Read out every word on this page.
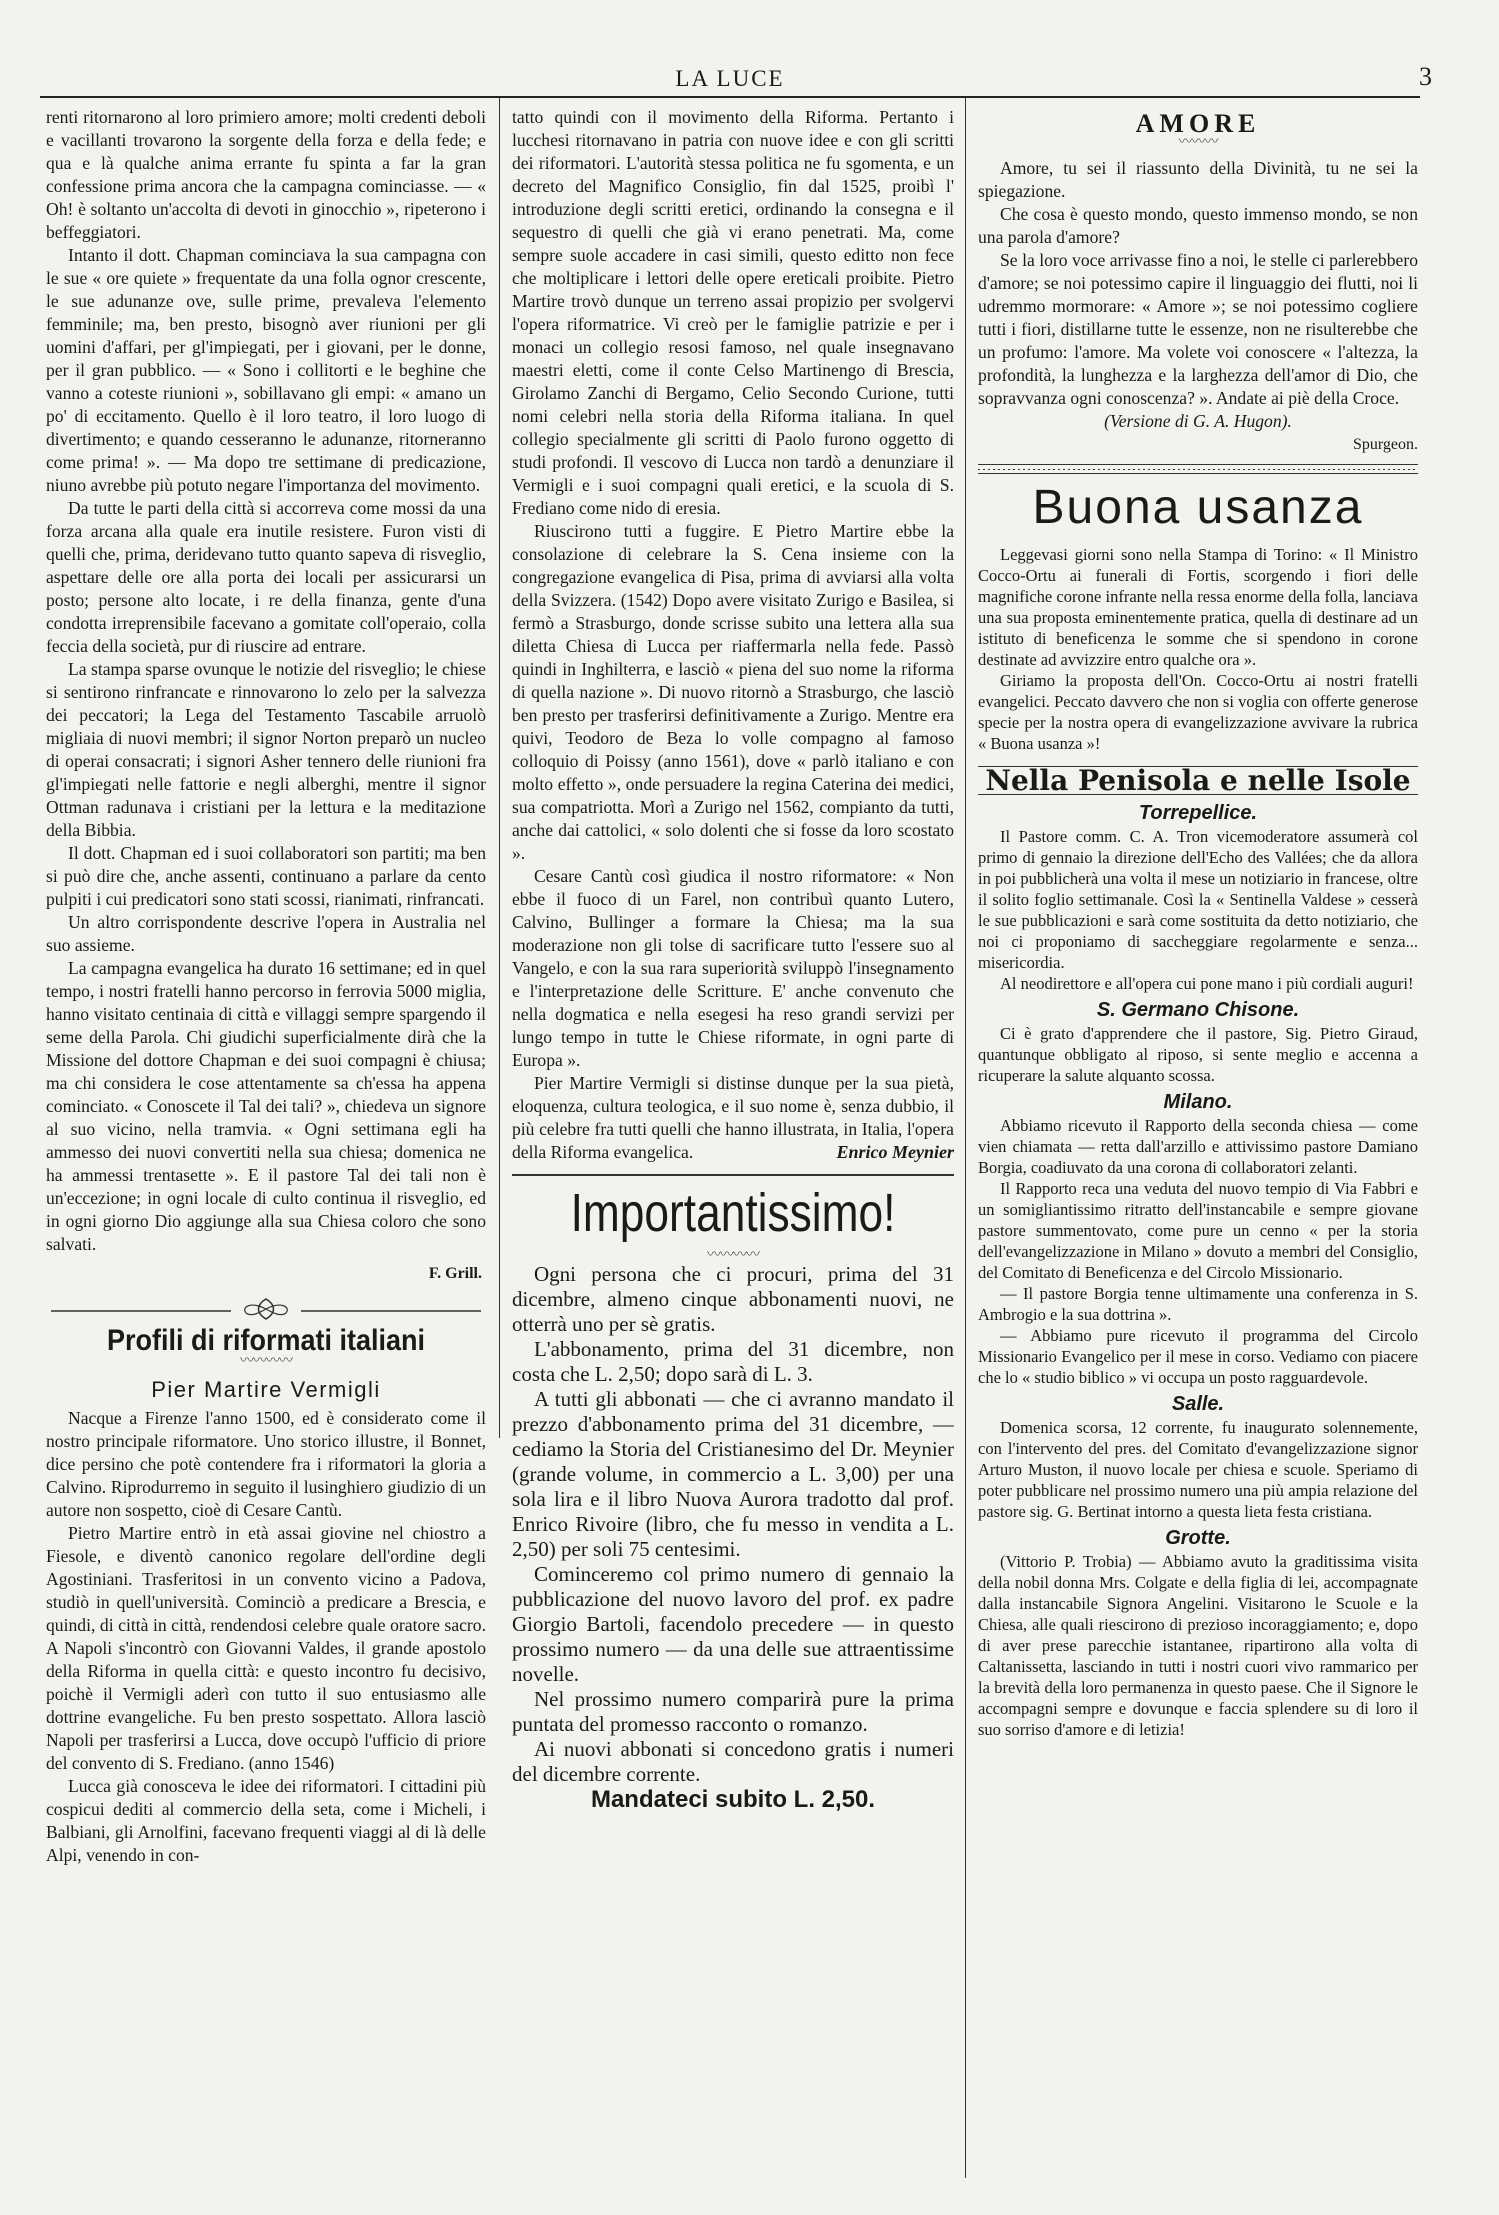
LA LUCE	3

renti ritornarono al loro primiero amore; molti credenti deboli e vacillanti trovarono la sorgente della forza e della fede; e qua e là qualche anima errante fu spinta a far la gran confessione prima ancora che la campagna cominciasse. — « Oh! è soltanto un'accolta di devoti in ginocchio », ripeterono i beffeggiatori.

Intanto il dott. Chapman cominciava la sua campagna con le sue « ore quiete » frequentate da una folla ognor crescente, le sue adunanze ove, sulle prime, prevaleva l'elemento femminile; ma, ben presto, bisognò aver riunioni per gli uomini d'affari, per gl'impiegati, per i giovani, per le donne, per il gran pubblico. — « Sono i collitorti e le beghine che vanno a coteste riunioni », sobillavano gli empi: « amano un po' di eccitamento. Quello è il loro teatro, il loro luogo di divertimento; e quando cesseranno le adunanze, ritorneranno come prima! ». — Ma dopo tre settimane di predicazione, niuno avrebbe più potuto negare l'importanza del movimento.

Da tutte le parti della città si accorreva come mossi da una forza arcana alla quale era inutile resistere. Furon visti di quelli che, prima, deridevano tutto quanto sapeva di risveglio, aspettare delle ore alla porta dei locali per assicurarsi un posto; persone alto locate, i re della finanza, gente d'una condotta irreprensibile facevano a gomitate coll'operaio, colla feccia della società, pur di riuscire ad entrare.

La stampa sparse ovunque le notizie del risveglio; le chiese si sentirono rinfrancate e rinnovarono lo zelo per la salvezza dei peccatori; la Lega del Testamento Tascabile arruolò migliaia di nuovi membri; il signor Norton preparò un nucleo di operai consacrati; i signori Asher tennero delle riunioni fra gl'impiegati nelle fattorie e negli alberghi, mentre il signor Ottman radunava i cristiani per la lettura e la meditazione della Bibbia.

Il dott. Chapman ed i suoi collaboratori son partiti; ma ben si può dire che, anche assenti, continuano a parlare da cento pulpiti i cui predicatori sono stati scossi, rianimati, rinfrancati.

Un altro corrispondente descrive l'opera in Australia nel suo assieme.

La campagna evangelica ha durato 16 settimane; ed in quel tempo, i nostri fratelli hanno percorso in ferrovia 5000 miglia, hanno visitato centinaia di città e villaggi sempre spargendo il seme della Parola. Chi giudichi superficialmente dirà che la Missione del dottore Chapman e dei suoi compagni è chiusa; ma chi considera le cose attentamente sa ch'essa ha appena cominciato. « Conoscete il Tal dei tali? », chiedeva un signore al suo vicino, nella tramvia. « Ogni settimana egli ha ammesso dei nuovi convertiti nella sua chiesa; domenica ne ha ammessi trentasette ». E il pastore Tal dei tali non è un'eccezione; in ogni locale di culto continua il risveglio, ed in ogni giorno Dio aggiunge alla sua Chiesa coloro che sono salvati.

F. Grill.
Profili di riformati italiani
〰〰〰〰
Pier Martire Vermigli

Nacque a Firenze l'anno 1500, ed è considerato come il nostro principale riformatore. Uno storico illustre, il Bonnet, dice persino che potè contendere fra i riformatori la gloria a Calvino. Riprodurremo in seguito il lusinghiero giudizio di un autore non sospetto, cioè di Cesare Cantù.

Pietro Martire entrò in età assai giovine nel chiostro a Fiesole, e diventò canonico regolare dell'ordine degli Agostiniani. Trasferitosi in un convento vicino a Padova, studiò in quell'università. Cominciò a predicare a Brescia, e quindi, di città in città, rendendosi celebre quale oratore sacro. A Napoli s'incontrò con Giovanni Valdes, il grande apostolo della Riforma in quella città: e questo incontro fu decisivo, poichè il Vermigli aderì con tutto il suo entusiasmo alle dottrine evangeliche. Fu ben presto sospettato. Allora lasciò Napoli per trasferirsi a Lucca, dove occupò l'ufficio di priore del convento di S. Frediano. (anno 1546)

Lucca già conosceva le idee dei riformatori. I cittadini più cospicui dediti al commercio della seta, come i Micheli, i Balbiani, gli Arnolfini, facevano frequenti viaggi al di là delle Alpi, venendo in con-

tatto quindi con il movimento della Riforma. Pertanto i lucchesi ritornavano in patria con nuove idee e con gli scritti dei riformatori. L'autorità stessa politica ne fu sgomenta, e un decreto del Magnifico Consiglio, fin dal 1525, proibì l' introduzione degli scritti eretici, ordinando la consegna e il sequestro di quelli che già vi erano penetrati. Ma, come sempre suole accadere in casi simili, questo editto non fece che moltiplicare i lettori delle opere ereticali proibite. Pietro Martire trovò dunque un terreno assai propizio per svolgervi l'opera riformatrice. Vi creò per le famiglie patrizie e per i monaci un collegio resosi famoso, nel quale insegnavano maestri eletti, come il conte Celso Martinengo di Brescia, Girolamo Zanchi di Bergamo, Celio Secondo Curione, tutti nomi celebri nella storia della Riforma italiana. In quel collegio specialmente gli scritti di Paolo furono oggetto di studi profondi. Il vescovo di Lucca non tardò a denunziare il Vermigli e i suoi compagni quali eretici, e la scuola di S. Frediano come nido di eresia.

Riuscirono tutti a fuggire. E Pietro Martire ebbe la consolazione di celebrare la S. Cena insieme con la congregazione evangelica di Pisa, prima di avviarsi alla volta della Svizzera. (1542) Dopo avere visitato Zurigo e Basilea, si fermò a Strasburgo, donde scrisse subito una lettera alla sua diletta Chiesa di Lucca per riaffermarla nella fede. Passò quindi in Inghilterra, e lasciò « piena del suo nome la riforma di quella nazione ». Di nuovo ritornò a Strasburgo, che lasciò ben presto per trasferirsi definitivamente a Zurigo. Mentre era quivi, Teodoro de Beza lo volle compagno al famoso colloquio di Poissy (anno 1561), dove « parlò italiano e con molto effetto », onde persuadere la regina Caterina dei medici, sua compatriotta. Morì a Zurigo nel 1562, compianto da tutti, anche dai cattolici, « solo dolenti che si fosse da loro scostato ».

Cesare Cantù così giudica il nostro riformatore: « Non ebbe il fuoco di un Farel, non contribuì quanto Lutero, Calvino, Bullinger a formare la Chiesa; ma la sua moderazione non gli tolse di sacrificare tutto l'essere suo al Vangelo, e con la sua rara superiorità sviluppò l'insegnamento e l'interpretazione delle Scritture. E' anche convenuto che nella dogmatica e nella esegesi ha reso grandi servizi per lungo tempo in tutte le Chiese riformate, in ogni parte di Europa ».

Pier Martire Vermigli si distinse dunque per la sua pietà, eloquenza, cultura teologica, e il suo nome è, senza dubbio, il più celebre fra tutti quelli che hanno illustrata, in Italia, l'opera della Riforma evangelica.	Enrico Meynier
Importantissimo!
〰〰〰〰

Ogni persona che ci procuri, prima del 31 dicembre, almeno cinque abbonamenti nuovi, ne otterrà uno per sè gratis.

L'abbonamento, prima del 31 dicembre, non costa che L. 2,50; dopo sarà di L. 3.

A tutti gli abbonati — che ci avranno mandato il prezzo d'abbonamento prima del 31 dicembre, — cediamo la Storia del Cristianesimo del Dr. Meynier (grande volume, in commercio a L. 3,00) per una sola lira e il libro Nuova Aurora tradotto dal prof. Enrico Rivoire (libro, che fu messo in vendita a L. 2,50) per soli 75 centesimi.

Cominceremo col primo numero di gennaio la pubblicazione del nuovo lavoro del prof. ex padre Giorgio Bartoli, facendolo precedere — in questo prossimo numero — da una delle sue attraentissime novelle.

Nel prossimo numero comparirà pure la prima puntata del promesso racconto o romanzo.

Ai nuovi abbonati si concedono gratis i numeri del dicembre corrente.

Mandateci subito L. 2,50.
AMORE
〰〰〰

Amore, tu sei il riassunto della Divinità, tu ne sei la spiegazione.

Che cosa è questo mondo, questo immenso mondo, se non una parola d'amore?

Se la loro voce arrivasse fino a noi, le stelle ci parlerebbero d'amore; se noi potessimo capire il linguaggio dei flutti, noi li udremmo mormorare: « Amore »; se noi potessimo cogliere tutti i fiori, distillarne tutte le essenze, non ne risulterebbe che un profumo: l'amore. Ma volete voi conoscere « l'altezza, la profondità, la lunghezza e la larghezza dell'amor di Dio, che sopravvanza ogni conoscenza? ». Andate ai piè della Croce.

(Versione di G. A. Hugon).
Spurgeon.
Buona usanza

Leggevasi giorni sono nella Stampa di Torino: « Il Ministro Cocco-Ortu ai funerali di Fortis, scorgendo i fiori delle magnifiche corone infrante nella ressa enorme della folla, lanciava una sua proposta eminentemente pratica, quella di destinare ad un istituto di beneficenza le somme che si spendono in corone destinate ad avvizzire entro qualche ora ».

Giriamo la proposta dell'On. Cocco-Ortu ai nostri fratelli evangelici. Peccato davvero che non si voglia con offerte generose specie per la nostra opera di evangelizzazione avvivare la rubrica « Buona usanza »!

Nella Penisola e nelle Isole
Torrepellice.

Il Pastore comm. C. A. Tron vicemoderatore assumerà col primo di gennaio la direzione dell'Echo des Vallées; che da allora in poi pubblicherà una volta il mese un notiziario in francese, oltre il solito foglio settimanale. Così la « Sentinella Valdese » cesserà le sue pubblicazioni e sarà come sostituita da detto notiziario, che noi ci proponiamo di saccheggiare regolarmente e senza... misericordia.

Al neodirettore e all'opera cui pone mano i più cordiali auguri!

S. Germano Chisone.

Ci è grato d'apprendere che il pastore, Sig. Pietro Giraud, quantunque obbligato al riposo, si sente meglio e accenna a ricuperare la salute alquanto scossa.

Milano.

Abbiamo ricevuto il Rapporto della seconda chiesa — come vien chiamata — retta dall'arzillo e attivissimo pastore Damiano Borgia, coadiuvato da una corona di collaboratori zelanti.

Il Rapporto reca una veduta del nuovo tempio di Via Fabbri e un somigliantissimo ritratto dell'instancabile e sempre giovane pastore summentovato, come pure un cenno « per la storia dell'evangelizzazione in Milano » dovuto a membri del Consiglio, del Comitato di Beneficenza e del Circolo Missionario.

— Il pastore Borgia tenne ultimamente una conferenza in S. Ambrogio e la sua dottrina ».

— Abbiamo pure ricevuto il programma del Circolo Missionario Evangelico per il mese in corso. Vediamo con piacere che lo « studio biblico » vi occupa un posto ragguardevole.

Salle.

Domenica scorsa, 12 corrente, fu inaugurato solennemente, con l'intervento del pres. del Comitato d'evangelizzazione signor Arturo Muston, il nuovo locale per chiesa e scuole. Speriamo di poter pubblicare nel prossimo numero una più ampia relazione del pastore sig. G. Bertinat intorno a questa lieta festa cristiana.

Grotte.

(Vittorio P. Trobia) — Abbiamo avuto la graditissima visita della nobil donna Mrs. Colgate e della figlia di lei, accompagnate dalla instancabile Signora Angelini. Visitarono le Scuole e la Chiesa, alle quali riescirono di prezioso incoraggiamento; e, dopo di aver prese parecchie istantanee, ripartirono alla volta di Caltanissetta, lasciando in tutti i nostri cuori vivo rammarico per la brevità della loro permanenza in questo paese. Che il Signore le accompagni sempre e dovunque e faccia splendere su di loro il suo sorriso d'amore e di letizia!
